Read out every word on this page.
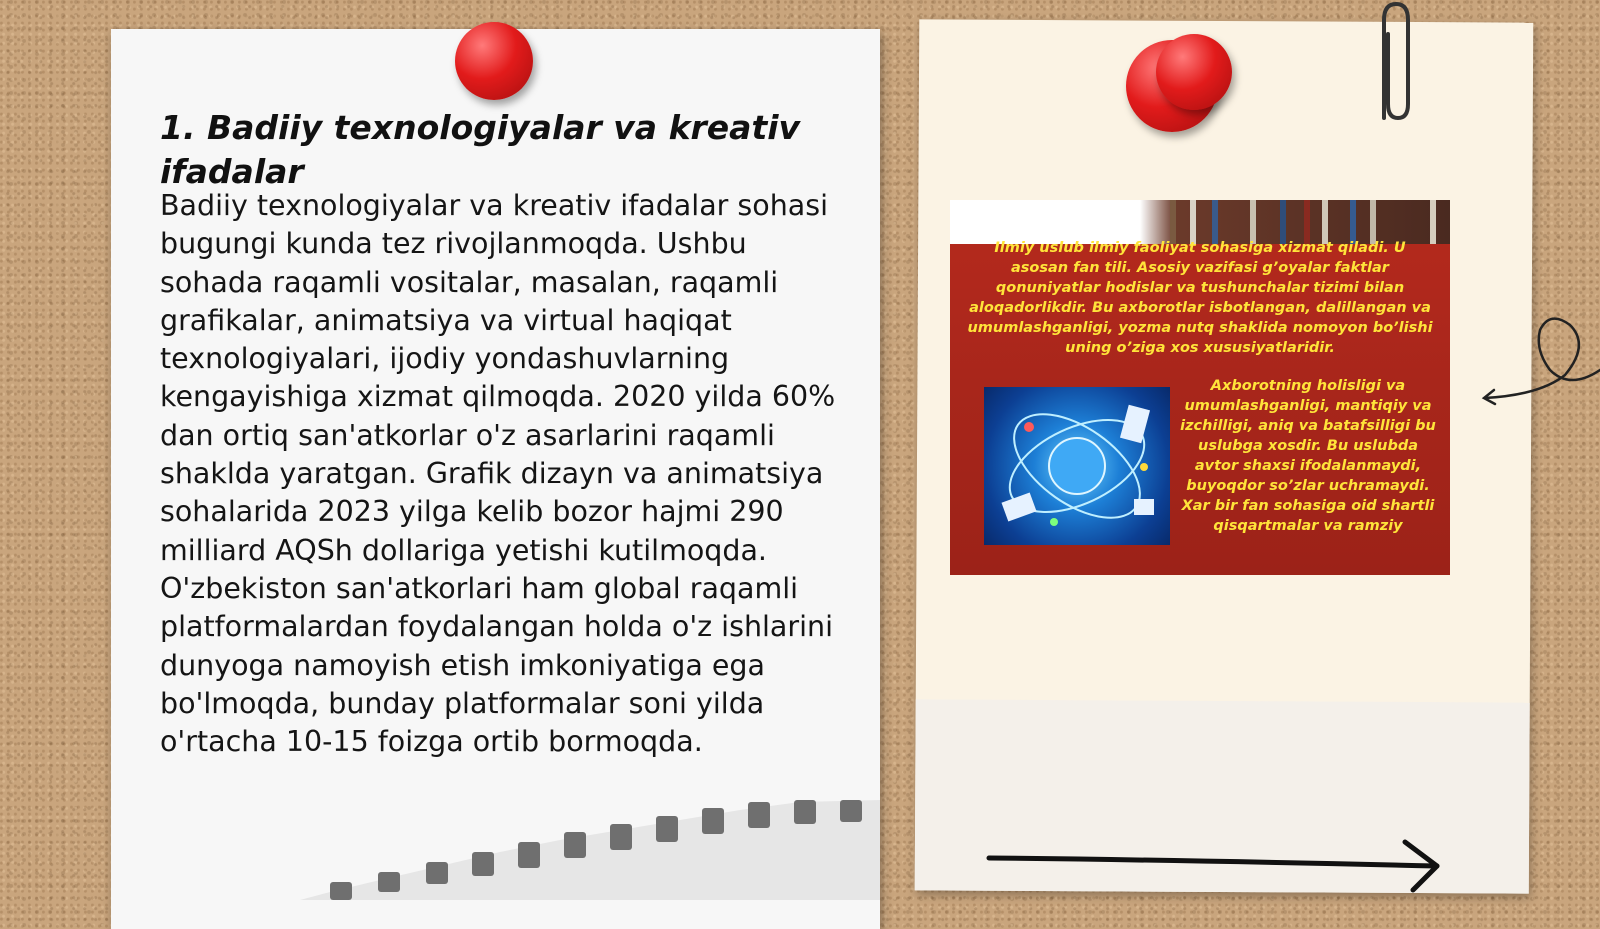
1. Badiiy texnologiyalar va kreativ ifadalar

Badiiy texnologiyalar va kreativ ifadalar sohasi bugungi kunda tez rivojlanmoqda. Ushbu sohada raqamli vositalar, masalan, raqamli grafikalar, animatsiya va virtual haqiqat texnologiyalari, ijodiy yondashuvlarning kengayishiga xizmat qilmoqda. 2020 yilda 60% dan ortiq san'atkorlar o'z asarlarini raqamli shaklda yaratgan. Grafik dizayn va animatsiya sohalarida 2023 yilga kelib bozor hajmi 290 milliard AQSh dollariga yetishi kutilmoqda. O'zbekiston san'atkorlari ham global raqamli platformalardan foydalangan holda o'z ishlarini dunyoga namoyish etish imkoniyatiga ega bo'lmoqda, bunday platformalar soni yilda o'rtacha 10-15 foizga ortib bormoqda.

Ilmiy uslub ilmiy faoliyat sohasiga xizmat qiladi. U asosan fan tili. Asosiy vazifasi g’oyalar faktlar qonuniyatlar hodislar va tushunchalar tizimi bilan aloqadorlikdir. Bu axborotlar isbotlangan, dalillangan va umumlashganligi, yozma nutq shaklida nomoyon bo’lishi uning o’ziga xos xususiyatlaridir.

Axborotning holisligi va umumlashganligi, mantiqiy va izchilligi, aniq va batafsilligi bu uslubga xosdir. Bu uslubda avtor shaxsi ifodalanmaydi, buyoqdor so’zlar uchramaydi. Xar bir fan sohasiga oid shartli qisqartmalar va ramziy
